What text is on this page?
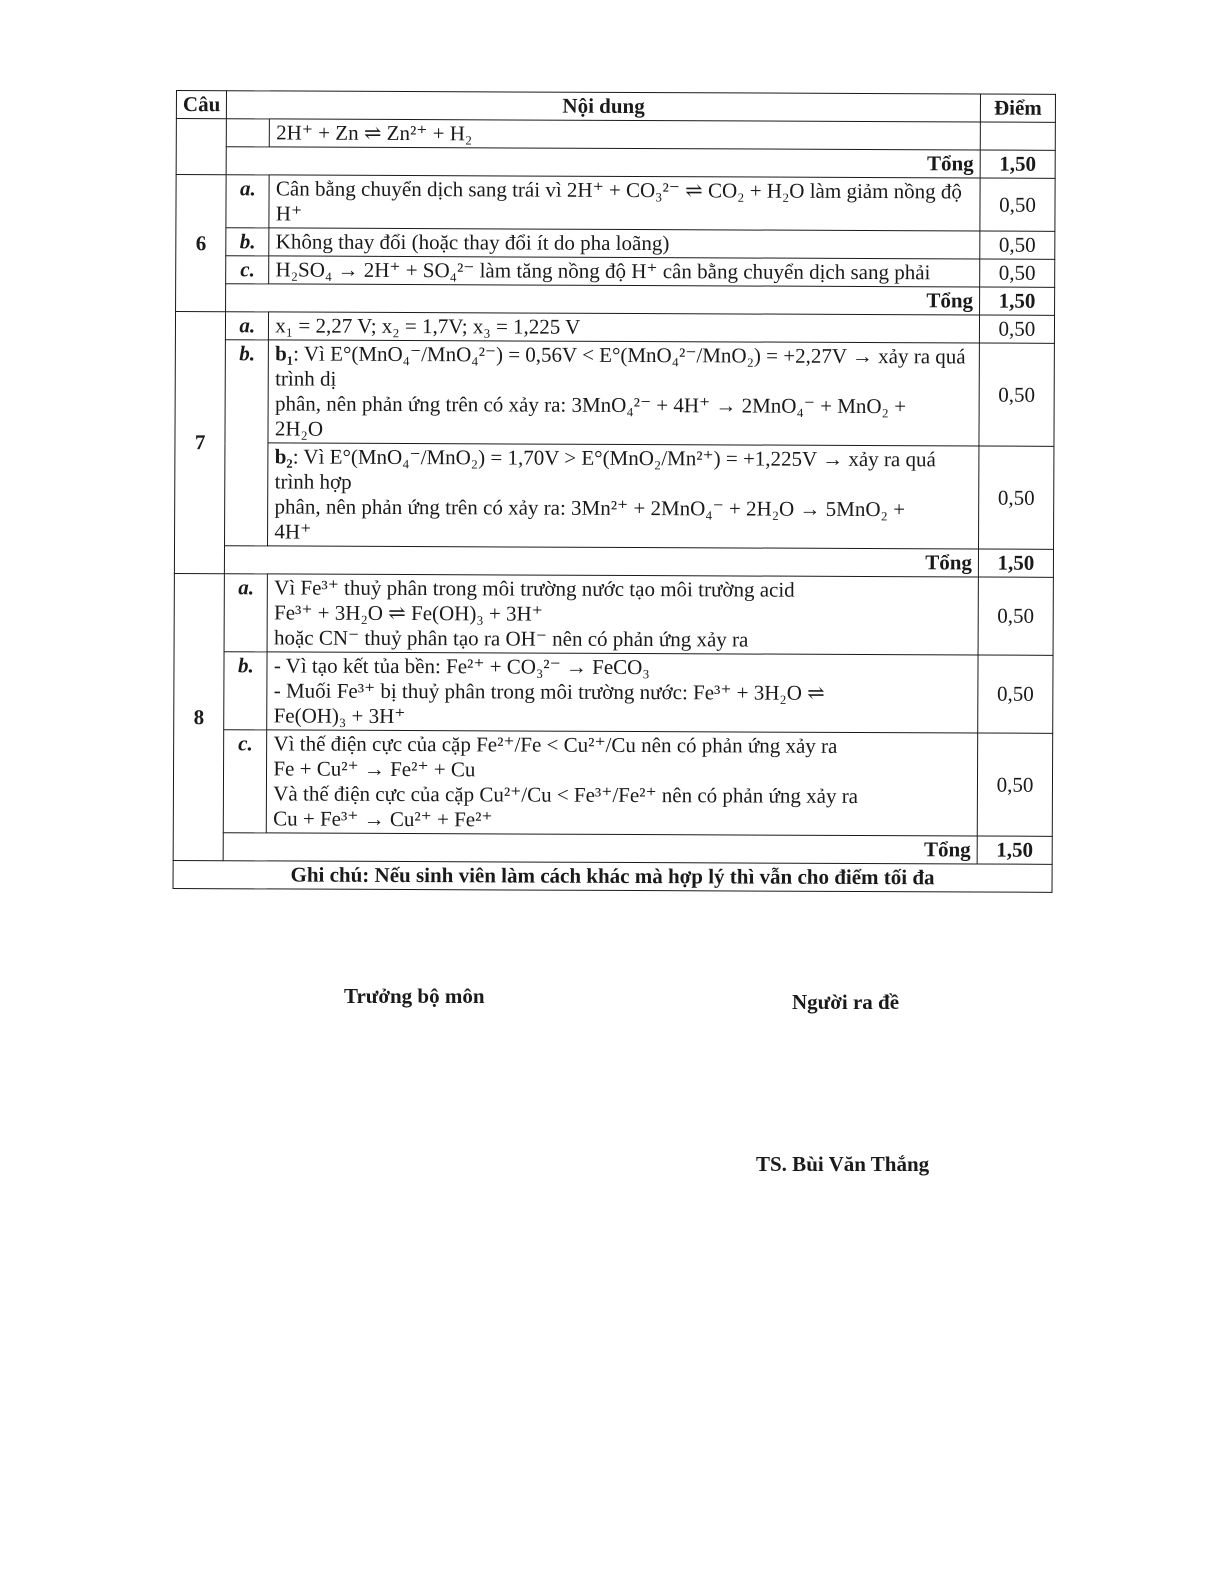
Câu	Nội dung		Điểm
		2H⁺ + Zn ⇌ Zn²⁺ + H₂	
	Tổng		1,50
6	a.	Cân bằng chuyển dịch sang trái vì 2H⁺ + CO₃²⁻ ⇌ CO₂ + H₂O làm giảm nồng độ H⁺	0,50
	b.	Không thay đổi (hoặc thay đổi ít do pha loãng)	0,50
	c.	H₂SO₄ → 2H⁺ + SO₄²⁻ làm tăng nồng độ H⁺ cân bằng chuyển dịch sang phải	0,50
	Tổng		1,50
7	a.	x₁ = 2,27 V; x₂ = 1,7V; x₃ = 1,225 V	0,50
	b.	b₁: Vì E°(MnO₄⁻/MnO₄²⁻) = 0,56V < E°(MnO₄²⁻/MnO₂) = +2,27V → xảy ra quá trình dị
phân, nên phản ứng trên có xảy ra: 3MnO₄²⁻ + 4H⁺ → 2MnO₄⁻ + MnO₂ +
2H₂O	0,50

		b₂: Vì E°(MnO₄⁻/MnO₂) = 1,70V > E°(MnO₂/Mn²⁺) = +1,225V → xảy ra quá trình hợp
phân, nên phản ứng trên có xảy ra: 3Mn²⁺ + 2MnO₄⁻ + 2H₂O → 5MnO₂ +
4H⁺	0,50
	Tổng		1,50
8	a.	Vì Fe³⁺ thuỷ phân trong môi trường nước tạo môi trường acid
Fe³⁺ + 3H₂O ⇌ Fe(OH)₃ + 3H⁺
hoặc CN⁻ thuỷ phân tạo ra OH⁻ nên có phản ứng xảy ra	0,50
	b.	- Vì tạo kết tủa bền: Fe²⁺ + CO₃²⁻ → FeCO₃
- Muối Fe³⁺ bị thuỷ phân trong môi trường nước: Fe³⁺ + 3H₂O ⇌
Fe(OH)₃ + 3H⁺	0,50
	c.	Vì thế điện cực của cặp Fe²⁺/Fe < Cu²⁺/Cu nên có phản ứng xảy ra
Fe + Cu²⁺ → Fe²⁺ + Cu
Và thế điện cực của cặp Cu²⁺/Cu < Fe³⁺/Fe²⁺ nên có phản ứng xảy ra
Cu + Fe³⁺ → Cu²⁺ + Fe²⁺	0,50
	Tổng		1,50
Ghi chú: Nếu sinh viên làm cách khác mà hợp lý thì vẫn cho điểm tối đa			
Trưởng bộ môn	Người ra đề
TS. Bùi Văn Thắng
